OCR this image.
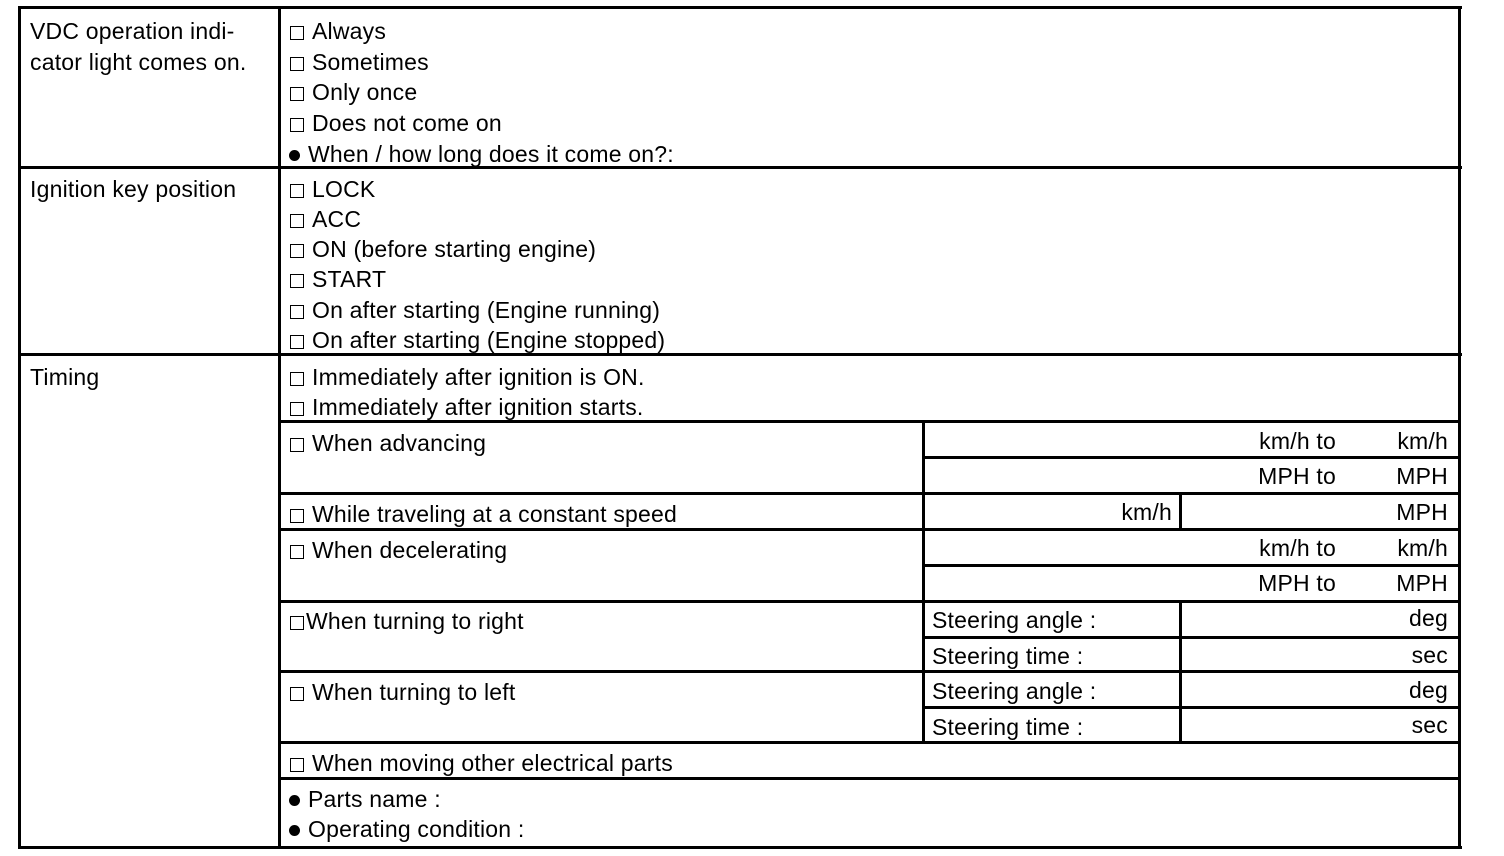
VDC operation indi-
cator light comes on.
Always
Sometimes
Only once
Does not come on
When / how long does it come on?:
Ignition key position	LOCK
ACC
ON (before starting engine)
START
On after starting (Engine running)
On after starting (Engine stopped)
Timing	Immediately after ignition is ON.
Immediately after ignition starts.
When advancing	km/h to	km/h
MPH to	MPH
While traveling at a constant speed	km/h	MPH
When decelerating	km/h to	km/h
MPH to	MPH
When turning to right	Steering angle :	deg
Steering time :	sec
When turning to left	Steering angle :	deg
Steering time :	sec
When moving other electrical parts
Parts name :
Operating condition :
